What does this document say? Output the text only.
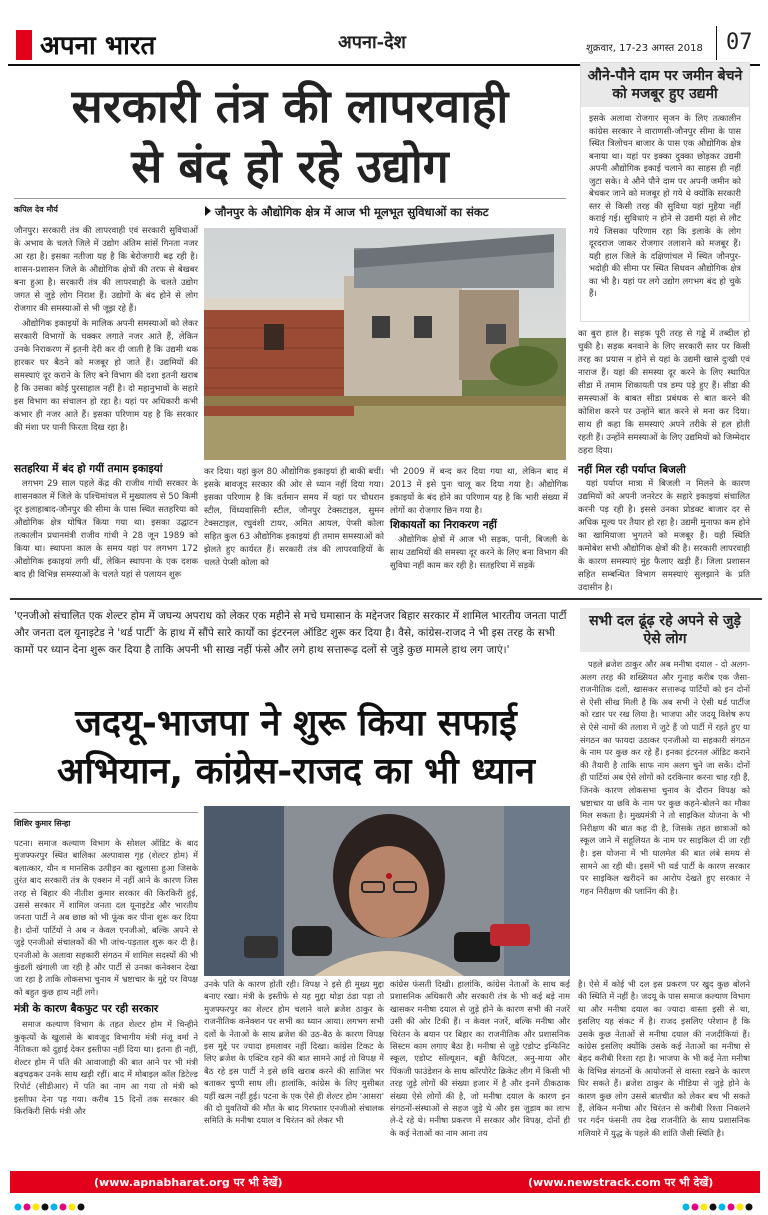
अपना भारत	अपना-देश	शुक्रवार, 17-23 अगस्त 2018 07
सरकारी तंत्र की लापरवाही
से बंद हो रहे उद्योग
औने-पौने दाम पर जमीन बेचने को मजबूर हुए उद्यमी
इसके अलावा रोजगार सृजन के लिए तत्कालीन कांग्रेस सरकार ने वाराणसी-जौनपुर सीमा के पास स्थित त्रिलोचन बाजार के पास एक औद्योगिक क्षेत्र बनाया था। यहां पर इक्का दुक्का छोड़कर उद्यमी अपनी औद्योगिक इकाई चलाने का साहस ही नहीं जुटा सके। वे औने पौने दाम पर अपनी जमीन को बेचकर जाने को मजबूर हो गये थे क्योंकि सरकारी स्तर से किसी तरह की सुविधा यहां मुहैया नहीं कराई गई। सुविधाएं न होने से उद्यमी यहां से लौट गये जिसका परिणाम रहा कि इलाके के लोग दूरदराज जाकर रोजगार तलाशने को मजबूर हैं। यही हाल जिले के दक्षिणांचल में स्थित जौनपुर-भदोही की सीमा पर स्थित सिधवन औद्योगिक क्षेत्र का भी है। यहां पर लगे उद्योग लगभग बंद हो चुके हैं।
कपिल देव मौर्य
जौनपुर। सरकारी तंत्र की लापरवाही एवं सरकारी सुविधाओं के अभाव के चलते जिले में उद्योग अंतिम सांसें गिनता नजर आ रहा है। इसका नतीजा यह है कि बेरोजगारी बढ़ रही है। शासन-प्रशासन जिले के औद्योगिक क्षेत्रों की तरफ से बेखबर बना हुआ है। सरकारी तंत्र की लापरवाही के चलते उद्योग जगत से जुड़े लोग निराश हैं। उद्योगों के बंद होने से लोग रोजगार की समस्याओं से भी जूझ रहे हैं।
औद्योगिक इकाइयों के मालिक अपनी समस्याओं को लेकर सरकारी विभागों के चक्कर लगाते नजर आते हैं, लेकिन उनके निराकरण में इतनी देरी कर दी जाती है कि उद्यमी थक हारकर घर बैठने को मजबूर हो जाते हैं। उद्यमियों की समस्याएं दूर कराने के लिए बने विभाग की दशा इतनी खराब है कि उसका कोई पुरसाहाल नहीं है। दो महानुभावों के सहारे इस विभाग का संचालन हो रहा है। यहां पर अधिकारी कभी कभार ही नजर आते हैं। इसका परिणाम यह है कि सरकार की मंशा पर पानी फिरता दिख रहा है।
जौनपुर के औद्योगिक क्षेत्र में आज भी मूलभूत सुविधाओं का संकट
का बुरा हाल है। सड़क पूरी तरह से गड्ढे में तब्दील हो चुकी है। सड़क बनवाने के लिए सरकारी स्तर पर किसी तरह का प्रयास न होने से यहां के उद्यमी खासे दुःखी एवं नाराज हैं। यहां की समस्या दूर करने के लिए स्थापित सीडा में तमाम शिकायती पत्र डम्प पड़े हुए हैं। सीडा की समस्याओं के बाबत सीडा प्रबंधक से बात करने की कोशिश करने पर उन्होंने बात करने से मना कर दिया। साथ ही कहा कि समस्याएं अपने तरीके से हल होती रहती हैं। उन्होंने समस्याओं के लिए उद्यमियों को जिम्मेदार ठहरा दिया।
नहीं मिल रही पर्याप्त बिजली
यहां पर्याप्त मात्रा में बिजली न मिलने के कारण उद्यमियों को अपनी जनरेटर के सहारे इकाइयां संचालित करनी पड़ रही है। इससे उनका प्रोडक्ट बाजार दर से अधिक मूल्य पर तैयार हो रहा है। उद्यमी मुनाफा कम होने का खामियाजा भुगतने को मजबूर हैं। यही स्थिति कमोबेश सभी औद्योगिक क्षेत्रों की है। सरकारी लापरवाही के कारण समस्याएं मुंह फैलाए खड़ी हैं। जिला प्रशासन सहित सम्बन्धित विभाग समस्याएं सुलझाने के प्रति उदासीन है।
सतहरिया में बंद हो गयीं तमाम इकाइयां
लगभग 29 साल पहले केंद्र की राजीव गांधी सरकार के शासनकाल में जिले के पश्चिमांचल में मुख्यालय से 50 किमी दूर इलाहाबाद-जौनपुर की सीमा के पास स्थित सतहरिया को औद्योगिक क्षेत्र घोषित किया गया था। इसका उद्घाटन तत्कालीन प्रधानमंत्री राजीव गांधी ने 28 जून 1989 को किया था। स्थापना काल के समय यहां पर लगभग 172 औद्योगिक इकाइयां लगी थीं, लेकिन स्थापना के एक दशक बाद ही विभिन्न समस्याओं के चलते यहां से पलायन शुरू
कर दिया। यहां कुल 80 औद्योगिक इकाइयां ही बाकी बचीं। इसके बावजूद सरकार की ओर से ध्यान नहीं दिया गया। इसका परिणाम है कि वर्तमान समय में यहां पर चौधरान स्टील, विंध्यवासिनी स्टील, जौनपुर टेक्सटाइल, सुमन टेक्सटाइल, रघुवंशी टायर, अमित आयल, पेप्सी कोला सहित कुल 63 औद्योगिक इकाइयां ही तमाम समस्याओं को झेलते हुए कार्यरत हैं। सरकारी तंत्र की लापरवाहियों के चलते पेप्सी कोला को
भी 2009 में बन्द कर दिया गया था, लेकिन बाद में 2013 में इसे पुनः चालू कर दिया गया है। औद्योगिक इकाइयों के बंद होने का परिणाम यह है कि भारी संख्या में लोगों का रोजगार छिन गया है।
शिकायतों का निराकरण नहीं
औद्योगिक क्षेत्रों में आज भी सड़क, पानी, बिजली के साथ उद्यमियों की समस्या दूर करने के लिए बना विभाग की सुविधा नहीं काम कर रही है। सतहरिया में सड़कें
'एनजीओ संचालित एक शेल्टर होम में जघन्य अपराध को लेकर एक महीने से मचे घमासान के मद्देनजर बिहार सरकार में शामिल भारतीय जनता पार्टी और जनता दल यूनाइटेड ने 'थर्ड पार्टी' के हाथ में सौंपे सारे कार्यों का इंटरनल ऑडिट शुरू कर दिया है। वैसे, कांग्रेस-राजद ने भी इस तरह के सभी कामों पर ध्यान देना शुरू कर दिया है ताकि अपनी भी साख नहीं फंसे और लगे हाथ सत्तारूढ़ दलों से जुड़े कुछ मामले हाथ लग जाएं।'
जदयू-भाजपा ने शुरू किया सफाई
अभियान, कांग्रेस-राजद का भी ध्यान
सभी दल ढूंढ़ रहे अपने से जुड़े ऐसे लोग
पहले ब्रजेश ठाकुर और अब मनीषा दयाल - दो अलग-अलग तरह की शख्सियत और गुनाह करीब एक जैसा- राजनीतिक दलों, खासकर सत्तारूढ़ पार्टियों को इन दोनों से ऐसी सीख मिली है कि अब सभी ने ऐसी थर्ड पार्टीज को रडार पर रख लिया है। भाजपा और जदयू विशेष रूप से ऐसे नामों की तलाश में जुटे हैं जो पार्टी में रहते हुए या संगठन का फायदा उठाकर एनजीओ या सहकारी संगठन के नाम पर कुछ कर रहे हैं। इनका इंटरनल ऑडिट कराने की तैयारी है ताकि साफ नाम अलग चुने जा सकें। दोनों ही पार्टियां अब ऐसे लोगों को दरकिनार करना चाह रही हैं, जिनके कारण लोकसभा चुनाव के दौरान विपक्ष को भ्रष्टाचार या छवि के नाम पर कुछ कहने-बोलने का मौका मिल सकता है। मुख्यमंत्री ने तो साइकिल योजना के भी निरीक्षण की बात कह दी है, जिसके तहत छात्राओं को स्कूल जाने में सहूलियत के नाम पर साइकिल दी जा रही है। इस योजना में भी घालमेल की बात लंबे समय से सामने आ रही थी। इसमें भी थर्ड पार्टी के कारण सरकार पर साइकिल खरीदने का आरोप देखते हुए सरकार ने गहन निरीक्षण की प्लानिंग की है।
शिशिर कुमार सिन्हा
पटना। समाज कल्याण विभाग के सोशल ऑडिट के बाद मुजफ्फरपुर स्थित बालिका अल्पावास गृह (शेल्टर होम) में बलात्कार, यौन व मानसिक उत्पीड़न का खुलासा हुआ जिसके तुरंत बाद सरकारी तंत्र के एक्शन में नहीं आने के कारण जिस तरह से बिहार की नीतीश कुमार सरकार की किरकिरी हुई, उससे सरकार में शामिल जनता दल यूनाइटेड और भारतीय जनता पार्टी ने अब छाछ को भी फूंक कर पीना शुरू कर दिया है। दोनों पार्टियों ने अब न केवल एनजीओ, बल्कि अपने से जुड़े एनजीओ संचालकों की भी जांच-पड़ताल शुरू कर दी है। एनजीओ के अलावा सहकारी संगठन में शामिल सदस्यों की भी कुंडली खंगाली जा रही है और पार्टी से उनका कनेक्शन देखा जा रहा है ताकि लोकसभा चुनाव में भ्रष्टाचार के मुद्दे पर विपक्ष को बहुत कुछ हाथ नहीं लगे।
मंत्री के कारण बैकफुट पर रही सरकार
समाज कल्याण विभाग के तहत शेल्टर होम में चिन्हीने कुकृत्यों के खुलासे के बावजूद विभागीय मंत्री मंजू वर्मा ने नैतिकता को दुहाई देकर इस्तीफा नहीं दिया था। इतना ही नहीं, शेल्टर होम में पति की आवाजाही की बात आने पर भी मंत्री बढ़चढ़कर उनके साथ खड़ी रहीं। बाद में मोबाइल कॉल डिटेल्ड रिपोर्ट (सीडीआर) में पति का नाम आ गया तो मंत्री को इस्तीफा देना पड़ गया। करीब 15 दिनों तक सरकार की किरकिरी सिर्फ मंत्री और
उनके पति के कारण होती रही। विपक्ष ने इसे ही मुख्य मुद्दा बनाए रखा। मंत्री के इस्तीफे से यह मुद्दा थोड़ा ठंडा पड़ा तो मुजफ्फरपुर का शेल्टर होम चलाने वाले ब्रजेश ठाकुर के राजनीतिक कनेक्शन पर सभी का ध्यान आया। लगभग सभी दलों के नेताओं के साथ ब्रजेश की उठ-बैठ के कारण विपक्ष इस मुद्दे पर ज्यादा हमलावर नहीं दिखा। कांग्रेस टिकट के लिए ब्रजेश के एक्टिव रहने की बात सामने आई तो विपक्ष में बैठ रहे इस पार्टी ने इसे छवि खराब करने की साजिश भर बताकर चुप्पी साध ली। हालांकि, कांग्रेस के लिए मुसीबत यहीं खत्म नहीं हुई। पटना के एक ऐसे ही शेल्टर होम 'आसरा' की दो युवतियों की मौत के बाद गिरफ्तार एनजीओ संचालक समिति के मनीषा दयाल व चिरंतन को लेकर भी
कांग्रेस फंसती दिखी। हालांकि, कांग्रेस नेताओं के साथ कई प्रशासनिक अधिकारी और सरकारी तंत्र के भी कई बड़े नाम खासकर मनीषा दयाल से जुड़े होने के कारण सभी की नजरें उसी की ओर टिकी हैं। न केवल नजरें, बल्कि मनीषा और चिरंतन के बयान पर बिहार का राजनीतिक और प्रशासनिक सिस्टम काम लगाए बैठा है। मनीषा से जुड़े एडोप्ट इन्फिनिट स्कूल, एडोप्ट सॉल्यूशन, बड्डी कैपिटल, अनु-माया और पिंकजी फाउंडेशन के साथ कॉरपोरेट क्रिकेट लीग में किसी भी तरह जुड़े लोगों की संख्या हजार में है और इनमें ठीकठाक संख्या ऐसे लोगों की है, जो मनीषा दयाल के कारण इन संगठनों-संस्थाओं से सहज जुड़े थे और इस जुड़ाव का लाभ ले-दे रहे थे। मनीषा प्रकरण में सरकार और विपक्ष, दोनों ही के कई नेताओं का नाम आना तय
है। ऐसे में कोई भी दल इस प्रकरण पर खुद कुछ बोलने की स्थिति में नहीं है। जदयू के पास समाज कल्याण विभाग था और मनीषा दयाल का ज्यादा वास्ता इसी से था, इसलिए यह संकट में है। राजद इसलिए परेशान है कि उसके कुछ नेताओं से मनीषा दयाल की नजदीकियां हैं। कांग्रेस इसलिए क्योंकि उसके कई नेताओं का मनीषा से बेहद करीबी रिश्ता रहा है। भाजपा के भी कई नेता मनीषा के विभिन्न संगठनों के आयोजनों से वास्ता रखने के कारण घिर सकते हैं। ब्रजेश ठाकुर के मीडिया से जुड़े होने के कारण कुछ लोग उससे बातचीत को लेकर बच भी सकते हैं, लेकिन मनीषा और चिरंतन से करीबी रिश्ता निकलने पर गर्दन फंसनी तय देख राजनीति के साथ प्रशासनिक गलियारे में युद्ध के पहले की शांति जैसी स्थिति है।
(www.apnabharat.org पर भी देखें)	(www.newstrack.com पर भी देखें)
